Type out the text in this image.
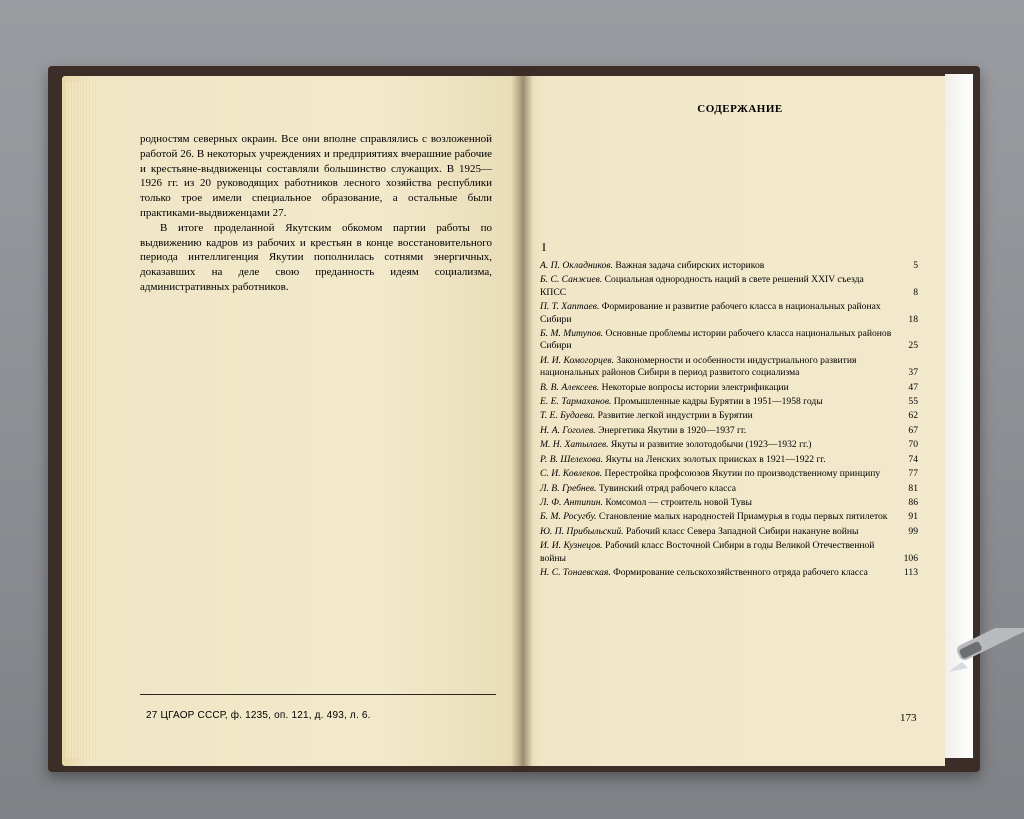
родностям северных окраин. Все они вполне справлялись с возложенной работой 26. В некоторых учреждениях и предприятиях вчерашние рабочие и крестьяне-выдвиженцы составляли большинство служащих. В 1925—1926 гг. из 20 руководящих работников лесного хозяйства республики только трое имели специальное образование, а остальные были практиками-выдвиженцами 27.

В итоге проделанной Якутским обкомом партии работы по выдвижению кадров из рабочих и крестьян в конце восстановительного периода интеллигенция Якутии пополнилась сотнями энергичных, доказавших на деле свою преданность идеям социализма, административных работников.

27 ЦГАОР СССР, ф. 1235, оп. 121, д. 493, л. 6.
СОДЕРЖАНИЕ
I
А. П. Окладников. Важная задача сибирских историков	5
Б. С. Санжиев. Социальная однородность наций в свете решений XXIV съезда КПСС	8
П. Т. Хаптаев. Формирование и развитие рабочего класса в национальных районах Сибири	18
Б. М. Митупов. Основные проблемы истории рабочего класса национальных районов Сибири	25
И. И. Комогорцев. Закономерности и особенности индустриального развития национальных районов Сибири в период развитого социализма	37
В. В. Алексеев. Некоторые вопросы истории электрификации	47
Е. Е. Тармаханов. Промышленные кадры Бурятии в 1951—1958 годы	55
Т. Е. Будаева. Развитие легкой индустрии в Бурятии	62
Н. А. Гоголев. Энергетика Якутии в 1920—1937 гг.	67
М. Н. Хатылаев. Якуты и развитие золотодобычи (1923—1932 гг.)	70
Р. В. Шелехова. Якуты на Ленских золотых приисках в 1921—1922 гг.	74
С. И. Ковлеков. Перестройка профсоюзов Якутии по производственному принципу	77
Л. В. Гребнев. Тувинский отряд рабочего класса	81
Л. Ф. Антипин. Комсомол — строитель новой Тувы	86
Б. М. Росугбу. Становление малых народностей Приамурья в годы первых пятилеток	91
Ю. П. Прибыльский. Рабочий класс Севера Западной Сибири накануне войны	99
И. И. Кузнецов. Рабочий класс Восточной Сибири в годы Великой Отечественной войны	106
Н. С. Тонаевская. Формирование сельскохозяйственного отряда рабочего класса	113
173
